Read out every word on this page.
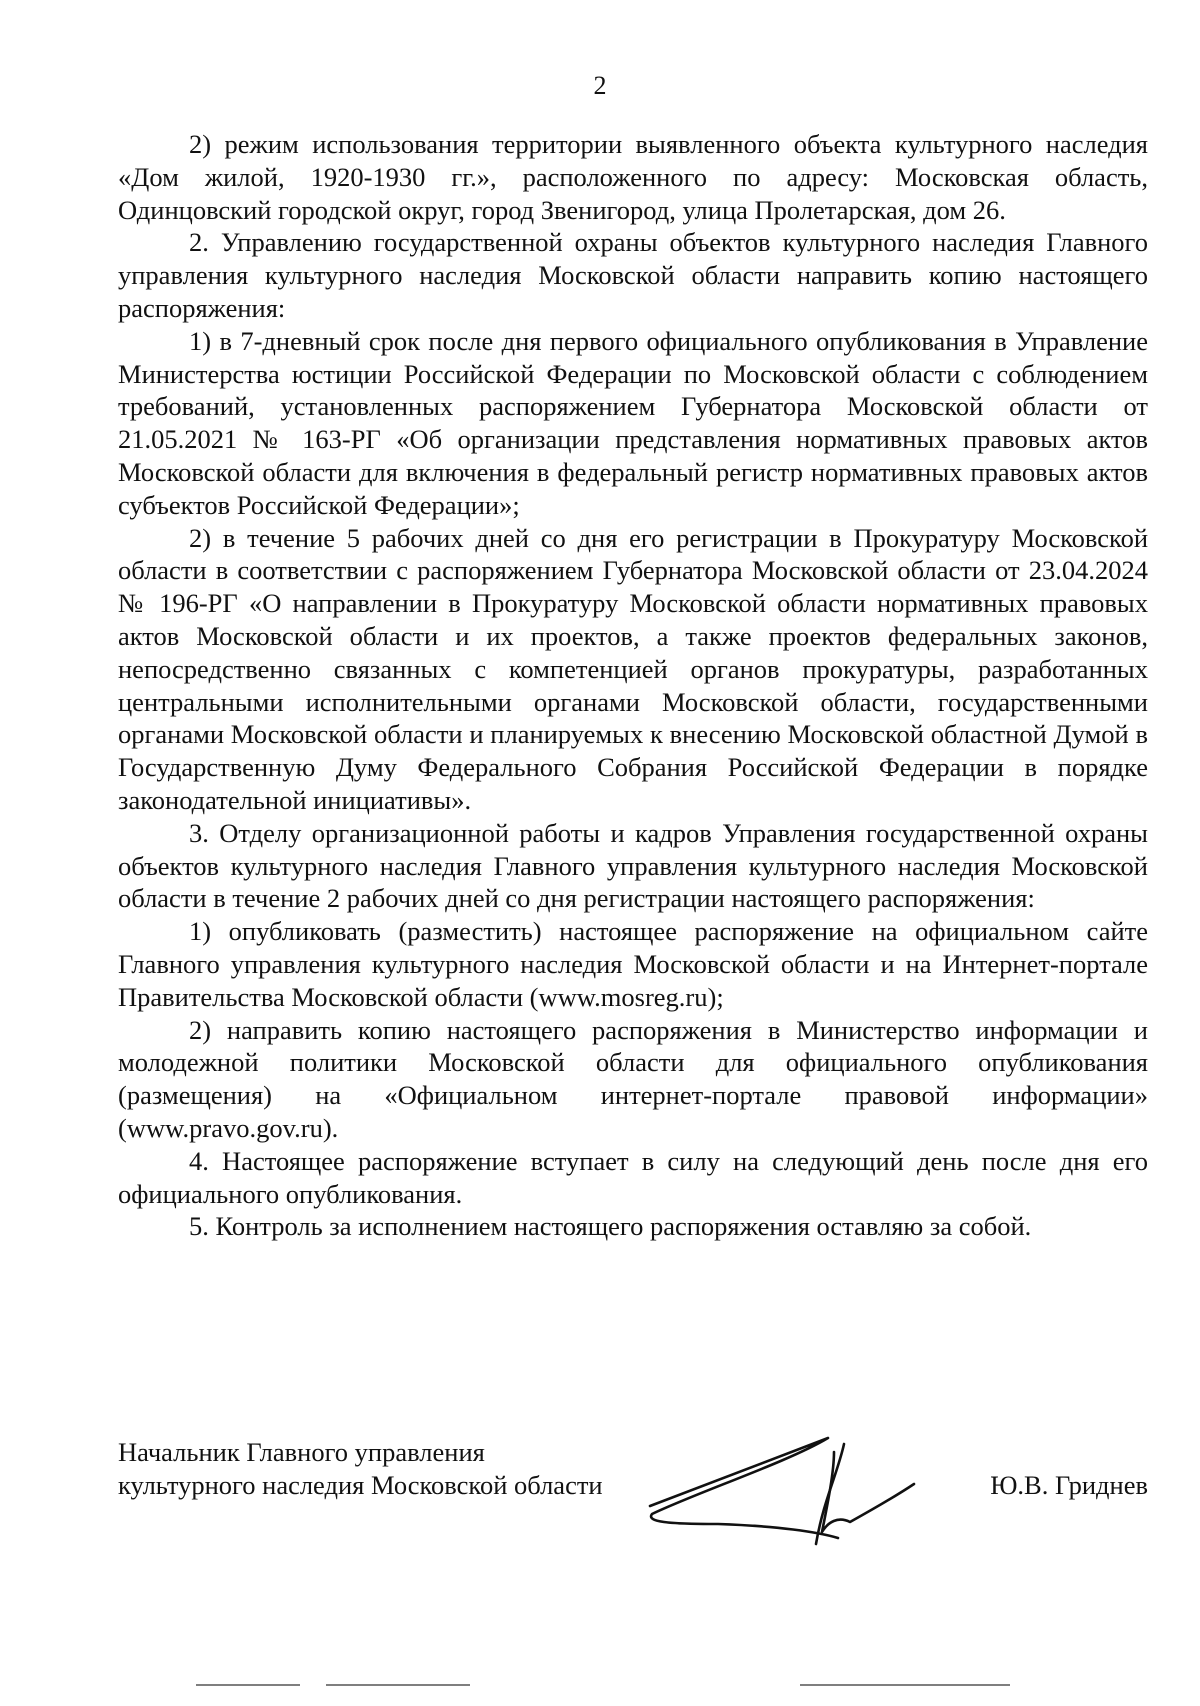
2

2) режим использования территории выявленного объекта культурного наследия «Дом жилой, 1920-1930 гг.», расположенного по адресу: Московская область, Одинцовский городской округ, город Звенигород, улица Пролетарская, дом 26.

2. Управлению государственной охраны объектов культурного наследия Главного управления культурного наследия Московской области направить копию настоящего распоряжения:

1) в 7-дневный срок после дня первого официального опубликования в Управление Министерства юстиции Российской Федерации по Московской области с соблюдением требований, установленных распоряжением Губернатора Московской области от 21.05.2021 № 163-РГ «Об организации представления нормативных правовых актов Московской области для включения в федеральный регистр нормативных правовых актов субъектов Российской Федерации»;

2) в течение 5 рабочих дней со дня его регистрации в Прокуратуру Московской области в соответствии с распоряжением Губернатора Московской области от 23.04.2024 № 196-РГ «О направлении в Прокуратуру Московской области нормативных правовых актов Московской области и их проектов, а также проектов федеральных законов, непосредственно связанных с компетенцией органов прокуратуры, разработанных центральными исполнительными органами Московской области, государственными органами Московской области и планируемых к внесению Московской областной Думой в Государственную Думу Федерального Собрания Российской Федерации в порядке законодательной инициативы».

3. Отделу организационной работы и кадров Управления государственной охраны объектов культурного наследия Главного управления культурного наследия Московской области в течение 2 рабочих дней со дня регистрации настоящего распоряжения:

1) опубликовать (разместить) настоящее распоряжение на официальном сайте Главного управления культурного наследия Московской области и на Интернет-портале Правительства Московской области (www.mosreg.ru);

2) направить копию настоящего распоряжения в Министерство информации и молодежной политики Московской области для официального опубликования (размещения) на «Официальном интернет-портале правовой информации» (www.pravo.gov.ru).

4. Настоящее распоряжение вступает в силу на следующий день после дня его официального опубликования.

5. Контроль за исполнением настоящего распоряжения оставляю за собой.

Начальник Главного управления
культурного наследия Московской области	Ю.В. Гриднев
